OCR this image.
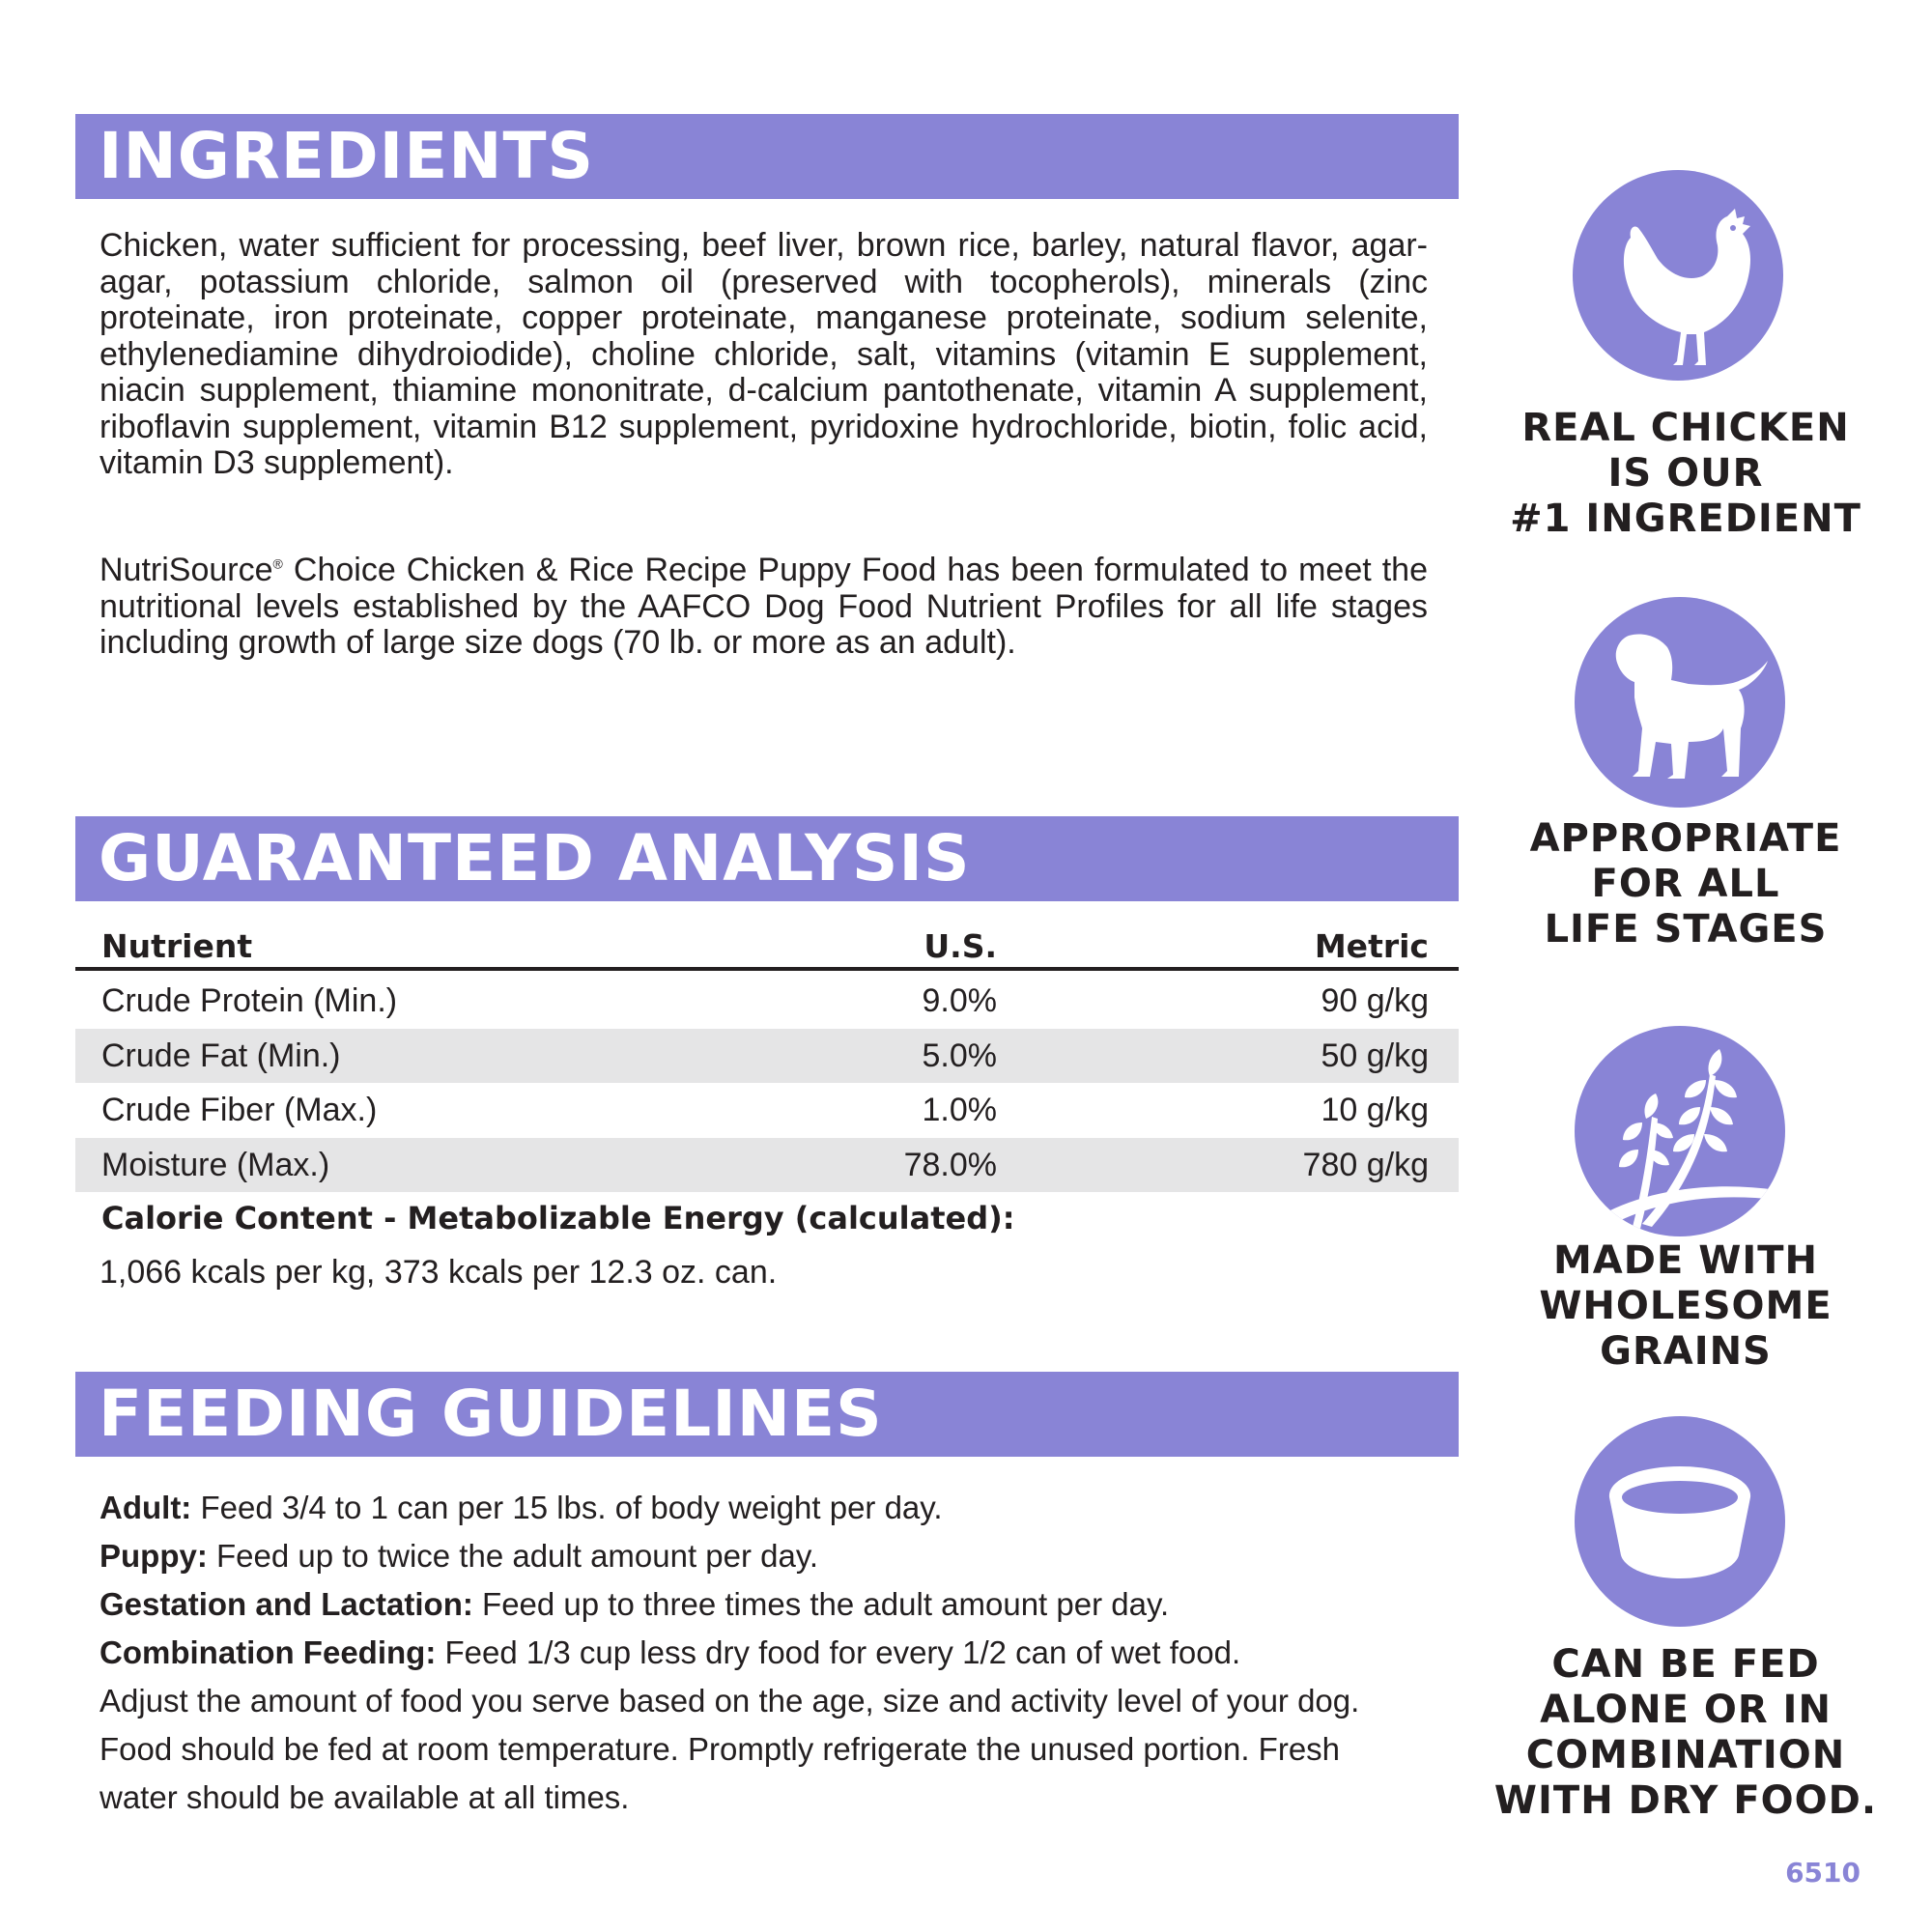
INGREDIENTS

Chicken, water sufficient for processing, beef liver, brown rice, barley, natural flavor, agar-agar, potassium chloride, salmon oil (preserved with tocopherols), minerals (zinc proteinate, iron proteinate, copper proteinate, manganese proteinate, sodium selenite, ethylenediamine dihydroiodide), choline chloride, salt, vitamins (vitamin E supplement, niacin supplement, thiamine mononitrate, d-calcium pantothenate, vitamin A supplement, riboflavin supplement, vitamin B12 supplement, pyridoxine hydrochloride, biotin, folic acid, vitamin D3 supplement).

NutriSource® Choice Chicken & Rice Recipe Puppy Food has been formulated to meet the nutritional levels established by the AAFCO Dog Food Nutrient Profiles for all life stages including growth of large size dogs (70 lb. or more as an adult).

GUARANTEED ANALYSIS
Nutrient	U.S.	Metric
Crude Protein (Min.)	9.0%	90 g/kg
Crude Fat (Min.)	5.0%	50 g/kg
Crude Fiber (Max.)	1.0%	10 g/kg
Moisture (Max.)	78.0%	780 g/kg
Calorie Content - Metabolizable Energy (calculated):
1,066 kcals per kg, 373 kcals per 12.3 oz. can.
FEEDING GUIDELINES
Adult: Feed 3/4 to 1 can per 15 lbs. of body weight per day.
Puppy: Feed up to twice the adult amount per day.
Gestation and Lactation: Feed up to three times the adult amount per day.
Combination Feeding: Feed 1/3 cup less dry food for every 1/2 can of wet food.
Adjust the amount of food you serve based on the age, size and activity level of your dog.
Food should be fed at room temperature. Promptly refrigerate the unused portion. Fresh
water should be available at all times.
REAL CHICKEN
IS OUR
#1 INGREDIENT
APPROPRIATE
FOR ALL
LIFE STAGES
MADE WITH
WHOLESOME
GRAINS
CAN BE FED
ALONE OR IN
COMBINATION
WITH DRY FOOD.
6510
